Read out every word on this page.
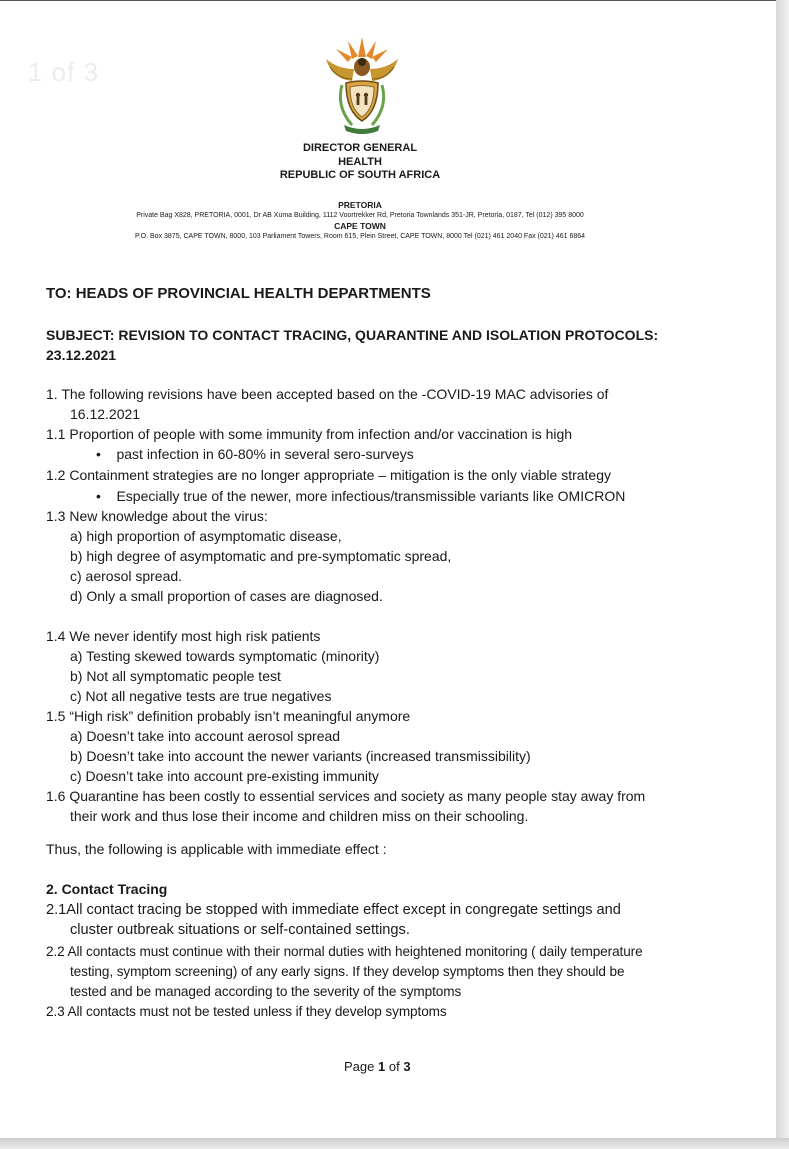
1 of 3
DIRECTOR GENERAL
HEALTH
REPUBLIC OF SOUTH AFRICA
PRETORIA
Private Bag X828, PRETORIA, 0001, Dr AB Xuma Building, 1112 Voortrekker Rd, Pretoria Townlands 351-JR, Pretoria, 0187, Tel (012) 395 8000
CAPE TOWN
P.O. Box 3875, CAPE TOWN, 8000, 103 Parliament Towers, Room 615, Plein Street, CAPE TOWN, 8000 Tel (021) 461 2040 Fax (021) 461 6864
TO: HEADS OF PROVINCIAL HEALTH DEPARTMENTS
SUBJECT: REVISION TO CONTACT TRACING, QUARANTINE AND ISOLATION PROTOCOLS:
23.12.2021
1. The following revisions have been accepted based on the -COVID-19 MAC advisories of
16.12.2021
1.1 Proportion of people with some immunity from infection and/or vaccination is high
•    past infection in 60-80% in several sero-surveys
1.2 Containment strategies are no longer appropriate – mitigation is the only viable strategy
•    Especially true of the newer, more infectious/transmissible variants like OMICRON
1.3 New knowledge about the virus:
a) high proportion of asymptomatic disease,
b) high degree of asymptomatic and pre-symptomatic spread,
c) aerosol spread.
d) Only a small proportion of cases are diagnosed.
1.4 We never identify most high risk patients
a) Testing skewed towards symptomatic (minority)
b) Not all symptomatic people test
c) Not all negative tests are true negatives
1.5 “High risk” definition probably isn’t meaningful anymore
a) Doesn’t take into account aerosol spread
b) Doesn’t take into account the newer variants (increased transmissibility)
c) Doesn’t take into account pre-existing immunity
1.6 Quarantine has been costly to essential services and society as many people stay away from
their work and thus lose their income and children miss on their schooling.
Thus, the following is applicable with immediate effect :
2. Contact Tracing
2.1All contact tracing be stopped with immediate effect except in congregate settings and
cluster outbreak situations or self-contained settings.
2.2 All contacts must continue with their normal duties with heightened monitoring ( daily temperature
testing, symptom screening) of any early signs. If they develop symptoms then they should be
tested and be managed according to the severity of the symptoms
2.3 All contacts must not be tested unless if they develop symptoms
Page 1 of 3
